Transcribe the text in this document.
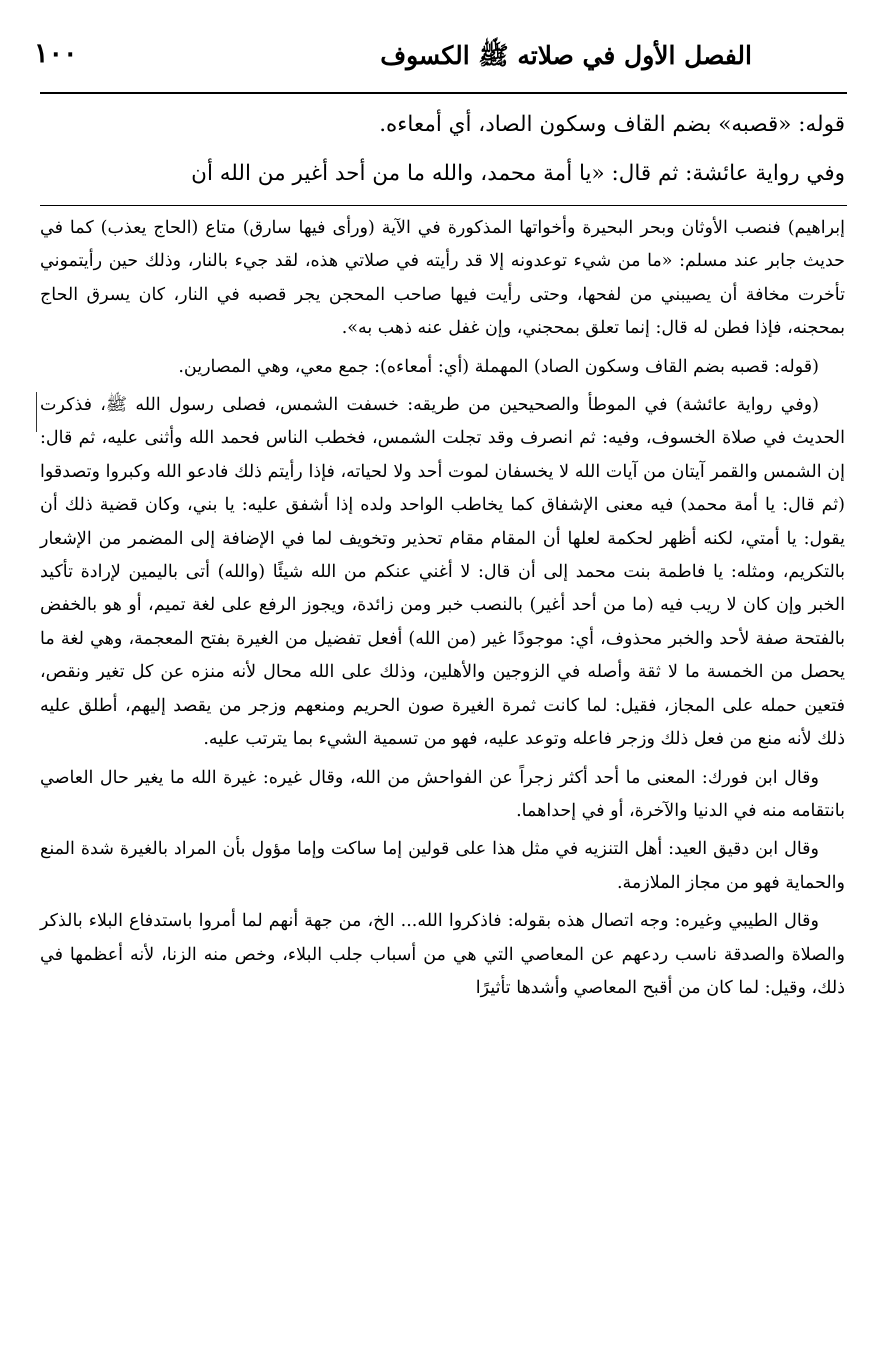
الفصل الأول في صلاته ﷺ الكسوف
١٠٠

قوله: «قصبه» بضم القاف وسكون الصاد، أي أمعاءه.

وفي رواية عائشة: ثم قال: «يا أمة محمد، والله ما من أحد أغير من الله أن

إبراهيم) فنصب الأوثان وبحر البحيرة وأخواتها المذكورة في الآية (ورأى فيها سارق) متاع (الحاج يعذب) كما في حديث جابر عند مسلم: «ما من شيء توعدونه إلا قد رأيته في صلاتي هذه، لقد جيء بالنار، وذلك حين رأيتموني تأخرت مخافة أن يصيبني من لفحها، وحتى رأيت فيها صاحب المحجن يجر قصبه في النار، كان يسرق الحاج بمحجنه، فإذا فطن له قال: إنما تعلق بمحجني، وإن غفل عنه ذهب به».

(قوله: قصبه بضم القاف وسكون الصاد) المهملة (أي: أمعاءه): جمع معي، وهي المصارين.

(وفي رواية عائشة) في الموطأ والصحيحين من طريقه: خسفت الشمس، فصلى رسول الله ﷺ، فذكرت الحديث في صلاة الخسوف، وفيه: ثم انصرف وقد تجلت الشمس، فخطب الناس فحمد الله وأثنى عليه، ثم قال: إن الشمس والقمر آيتان من آيات الله لا يخسفان لموت أحد ولا لحياته، فإذا رأيتم ذلك فادعو الله وكبروا وتصدقوا (ثم قال: يا أمة محمد) فيه معنى الإشفاق كما يخاطب الواحد ولده إذا أشفق عليه: يا بني، وكان قضية ذلك أن يقول: يا أمتي، لكنه أظهر لحكمة لعلها أن المقام مقام تحذير وتخويف لما في الإضافة إلى المضمر من الإشعار بالتكريم، ومثله: يا فاطمة بنت محمد إلى أن قال: لا أغني عنكم من الله شيئًا (والله) أتى باليمين لإرادة تأكيد الخبر وإن كان لا ريب فيه (ما من أحد أغير) بالنصب خبر ومن زائدة، ويجوز الرفع على لغة تميم، أو هو بالخفض بالفتحة صفة لأحد والخبر محذوف، أي: موجودًا غير (من الله) أفعل تفضيل من الغيرة بفتح المعجمة، وهي لغة ما يحصل من الخمسة ما لا ثقة وأصله في الزوجين والأهلين، وذلك على الله محال لأنه منزه عن كل تغير ونقص، فتعين حمله على المجاز، فقيل: لما كانت ثمرة الغيرة صون الحريم ومنعهم وزجر من يقصد إليهم، أطلق عليه ذلك لأنه منع من فعل ذلك وزجر فاعله وتوعد عليه، فهو من تسمية الشيء بما يترتب عليه.

وقال ابن فورك: المعنى ما أحد أكثر زجراً عن الفواحش من الله، وقال غيره: غيرة الله ما يغير حال العاصي بانتقامه منه في الدنيا والآخرة، أو في إحداهما.

وقال ابن دقيق العيد: أهل التنزيه في مثل هذا على قولين إما ساكت وإما مؤول بأن المراد بالغيرة شدة المنع والحماية فهو من مجاز الملازمة.

وقال الطيبي وغيره: وجه اتصال هذه بقوله: فاذكروا الله... الخ، من جهة أنهم لما أمروا باستدفاع البلاء بالذكر والصلاة والصدقة ناسب ردعهم عن المعاصي التي هي من أسباب جلب البلاء، وخص منه الزنا، لأنه أعظمها في ذلك، وقيل: لما كان من أقبح المعاصي وأشدها تأثيرًا
